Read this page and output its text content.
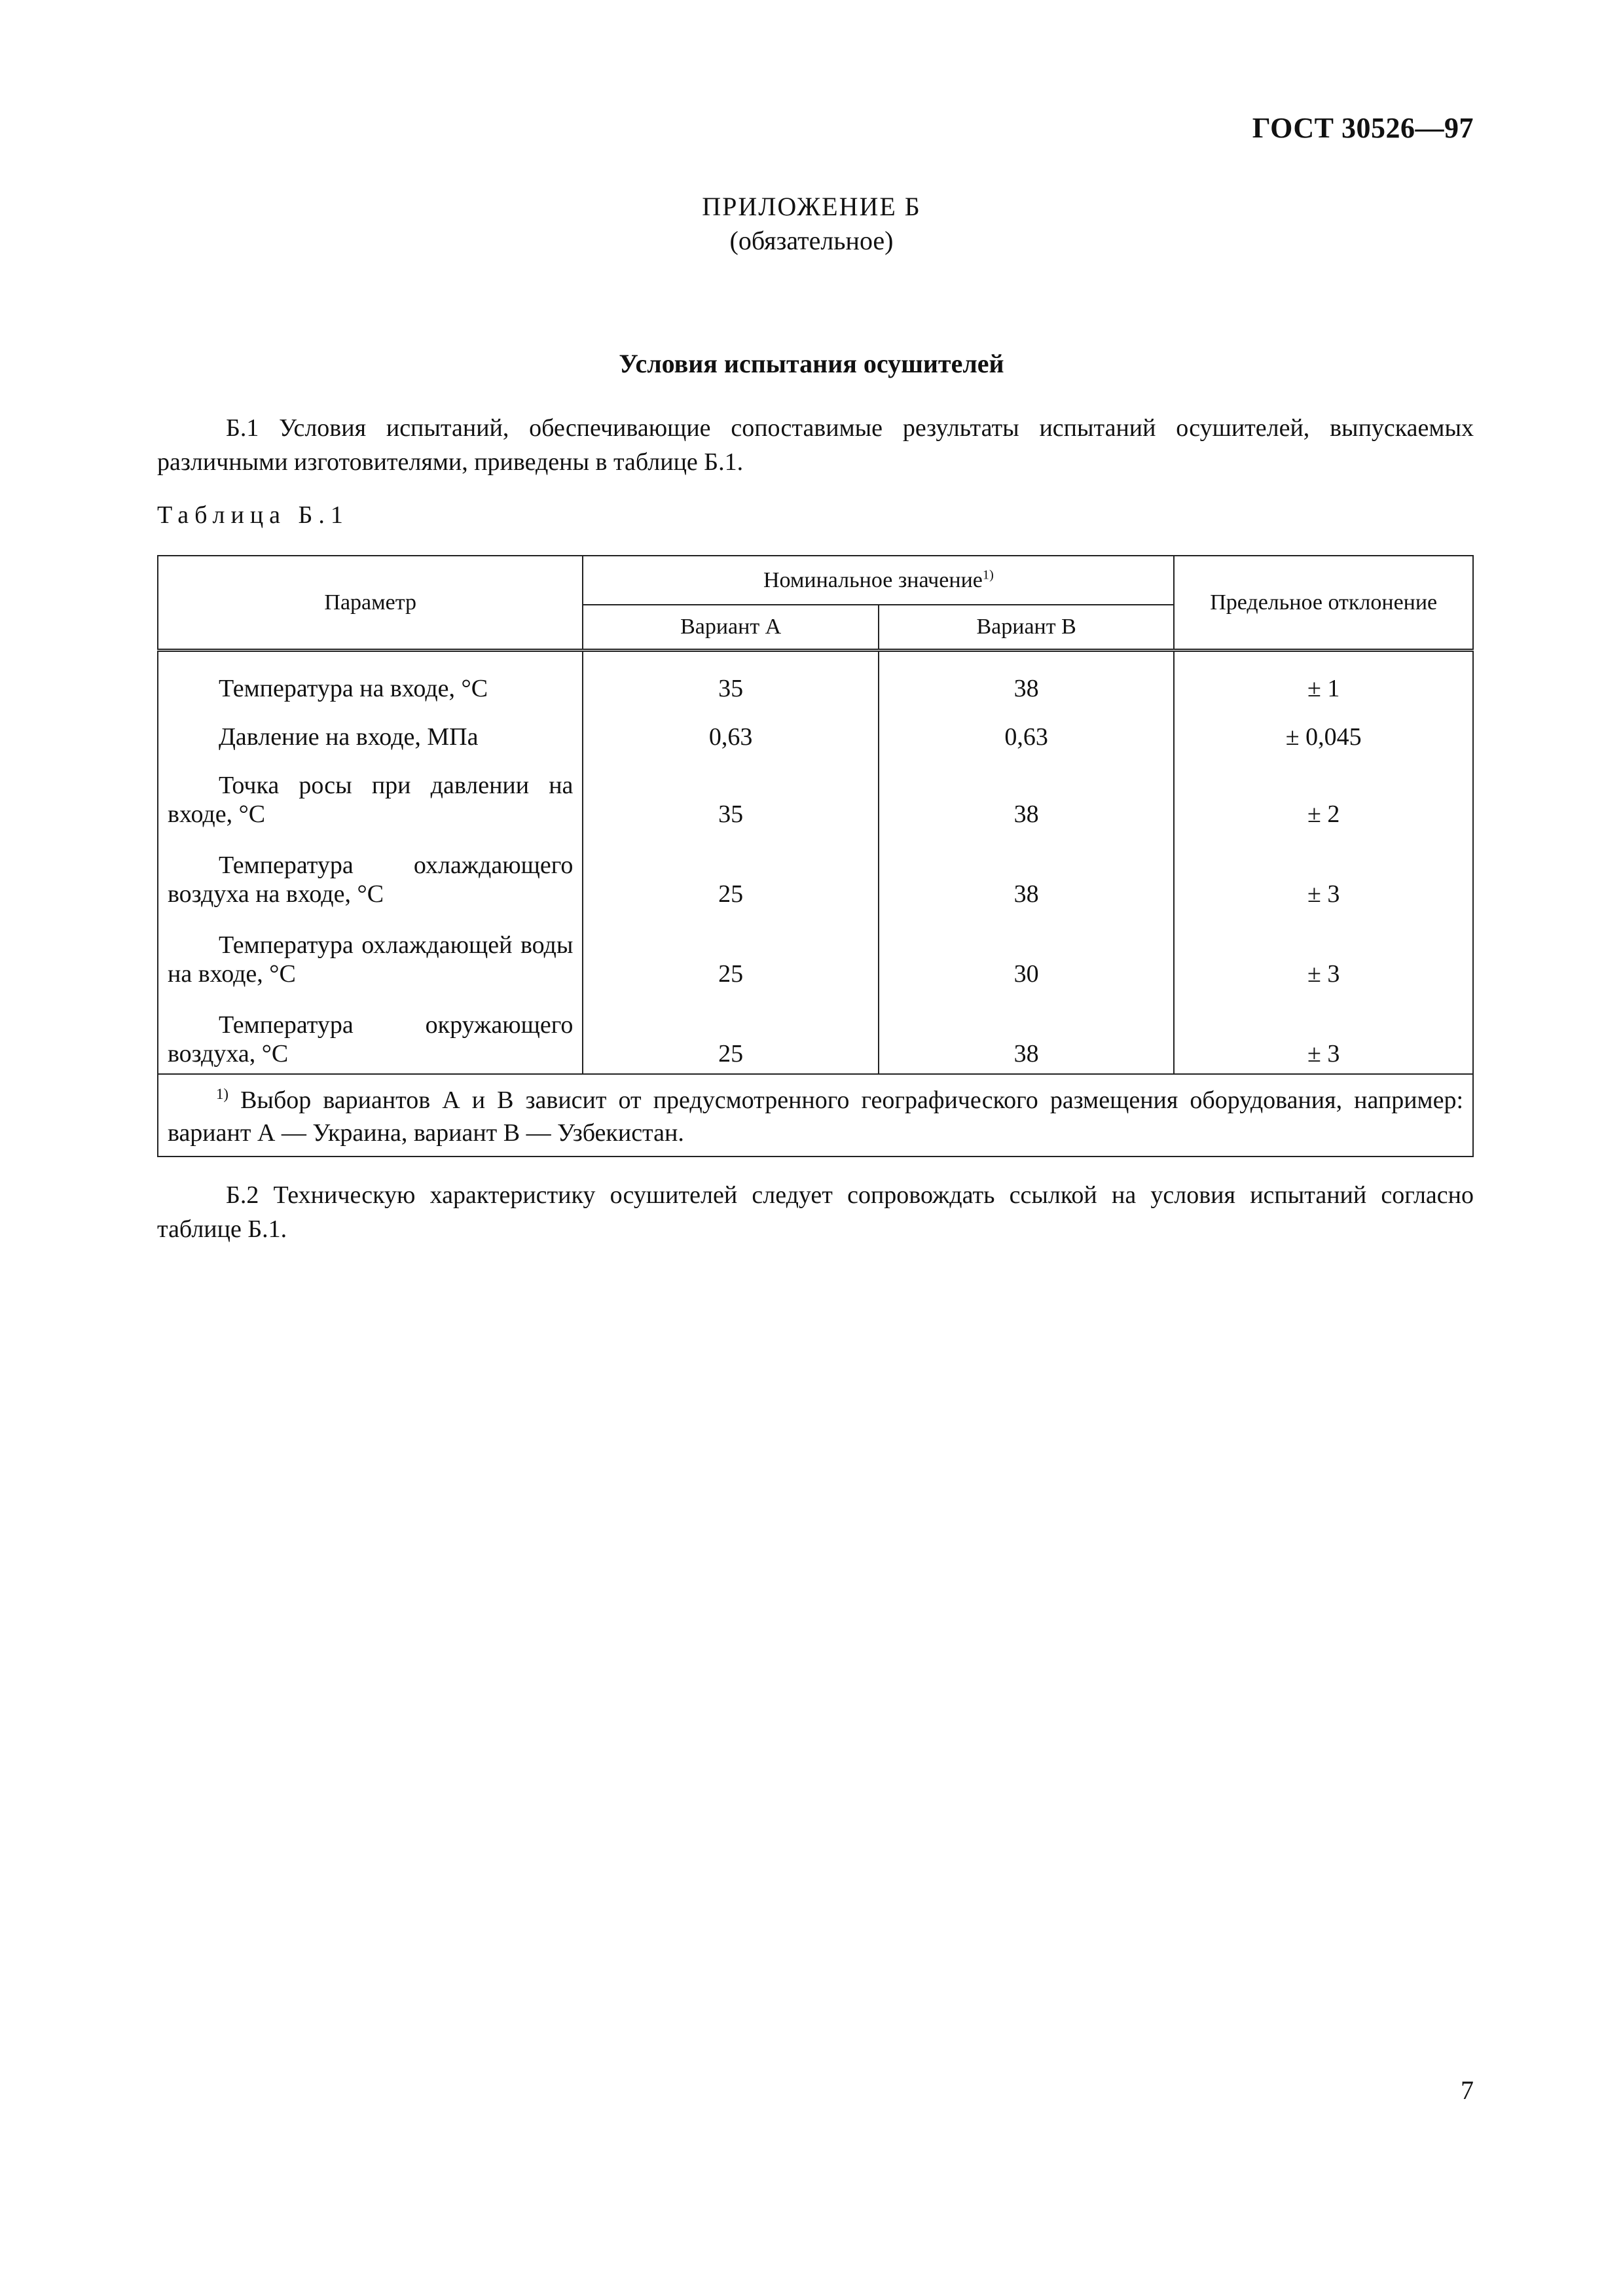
ГОСТ 30526—97
ПРИЛОЖЕНИЕ Б
(обязательное)
Условия испытания осушителей

Б.1 Условия испытаний, обеспечивающие сопоставимые результаты испытаний осушителей, выпускаемых различными изготовителями, приведены в таблице Б.1.

Таблица Б.1
Параметр	Номинальное значение$^{1)}$		Предельное отклонение
	Вариант А	Вариант В	

Температура на входе, °С	35	38	± 1

Давление на входе, МПа	0,63	0,63	± 0,045

Точка росы при давлении на входе, °С	35	38	± 2

Температура охлаждающего воздуха на входе, °С	25	38	± 3

Температура охлаждающей воды на входе, °С	25	30	± 3

Температура окружающего воздуха, °С	25	38	± 3
$^{1)}$ Выбор вариантов А и В зависит от предусмотренного географического размещения оборудования, например: вариант А — Украина, вариант В — Узбекистан.			

Б.2 Техническую характеристику осушителей следует сопровождать ссылкой на условия испытаний согласно таблице Б.1.

7
